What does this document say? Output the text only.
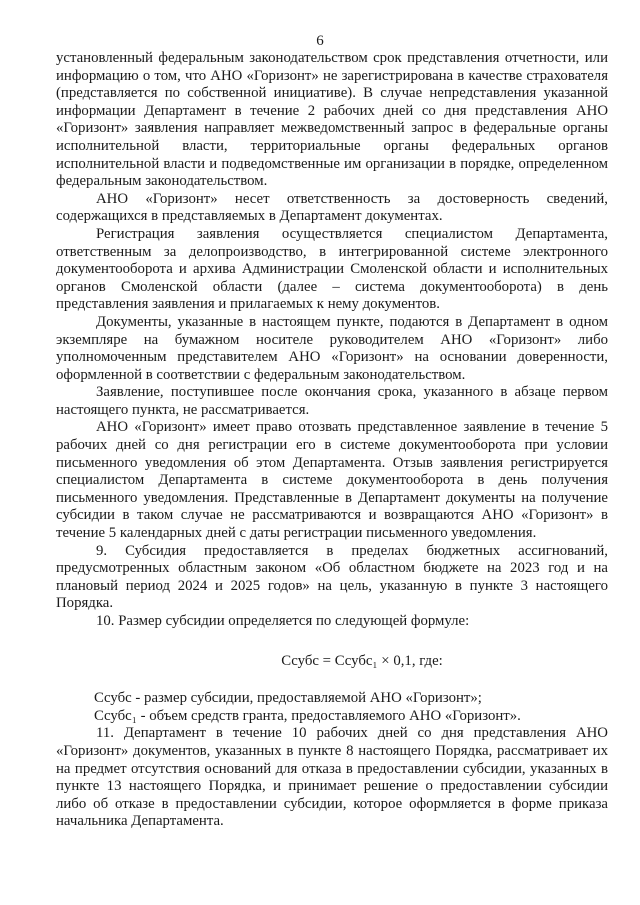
6

установленный федеральным законодательством срок представления отчетности, или информацию о том, что АНО «Горизонт» не зарегистрирована в качестве страхователя (представляется по собственной инициативе). В случае непредставления указанной информации Департамент в течение 2 рабочих дней со дня представления АНО «Горизонт» заявления направляет межведомственный запрос в федеральные органы исполнительной власти, территориальные органы федеральных органов исполнительной власти и подведомственные им организации в порядке, определенном федеральным законодательством.

АНО «Горизонт» несет ответственность за достоверность сведений, содержащихся в представляемых в Департамент документах.

Регистрация заявления осуществляется специалистом Департамента, ответственным за делопроизводство, в интегрированной системе электронного документооборота и архива Администрации Смоленской области и исполнительных органов Смоленской области (далее – система документооборота) в день представления заявления и прилагаемых к нему документов.

Документы, указанные в настоящем пункте, подаются в Департамент в одном экземпляре на бумажном носителе руководителем АНО «Горизонт» либо уполномоченным представителем АНО «Горизонт» на основании доверенности, оформленной в соответствии с федеральным законодательством.

Заявление, поступившее после окончания срока, указанного в абзаце первом настоящего пункта, не рассматривается.

АНО «Горизонт» имеет право отозвать представленное заявление в течение 5 рабочих дней со дня регистрации его в системе документооборота при условии письменного уведомления об этом Департамента. Отзыв заявления регистрируется специалистом Департамента в системе документооборота в день получения письменного уведомления. Представленные в Департамент документы на получение субсидии в таком случае не рассматриваются и возвращаются АНО «Горизонт» в течение 5 календарных дней с даты регистрации письменного уведомления.

9. Субсидия предоставляется в пределах бюджетных ассигнований, предусмотренных областным законом «Об областном бюджете на 2023 год и на плановый период 2024 и 2025 годов» на цель, указанную в пункте 3 настоящего Порядка.

10. Размер субсидии определяется по следующей формуле:

Ссубс = Ссубс₁ × 0,1, где:

Ссубс - размер субсидии, предоставляемой АНО «Горизонт»;

Ссубс₁ - объем средств гранта, предоставляемого АНО «Горизонт».

11. Департамент в течение 10 рабочих дней со дня представления АНО «Горизонт» документов, указанных в пункте 8 настоящего Порядка, рассматривает их на предмет отсутствия оснований для отказа в предоставлении субсидии, указанных в пункте 13 настоящего Порядка, и принимает решение о предоставлении субсидии либо об отказе в предоставлении субсидии, которое оформляется в форме приказа начальника Департамента.
